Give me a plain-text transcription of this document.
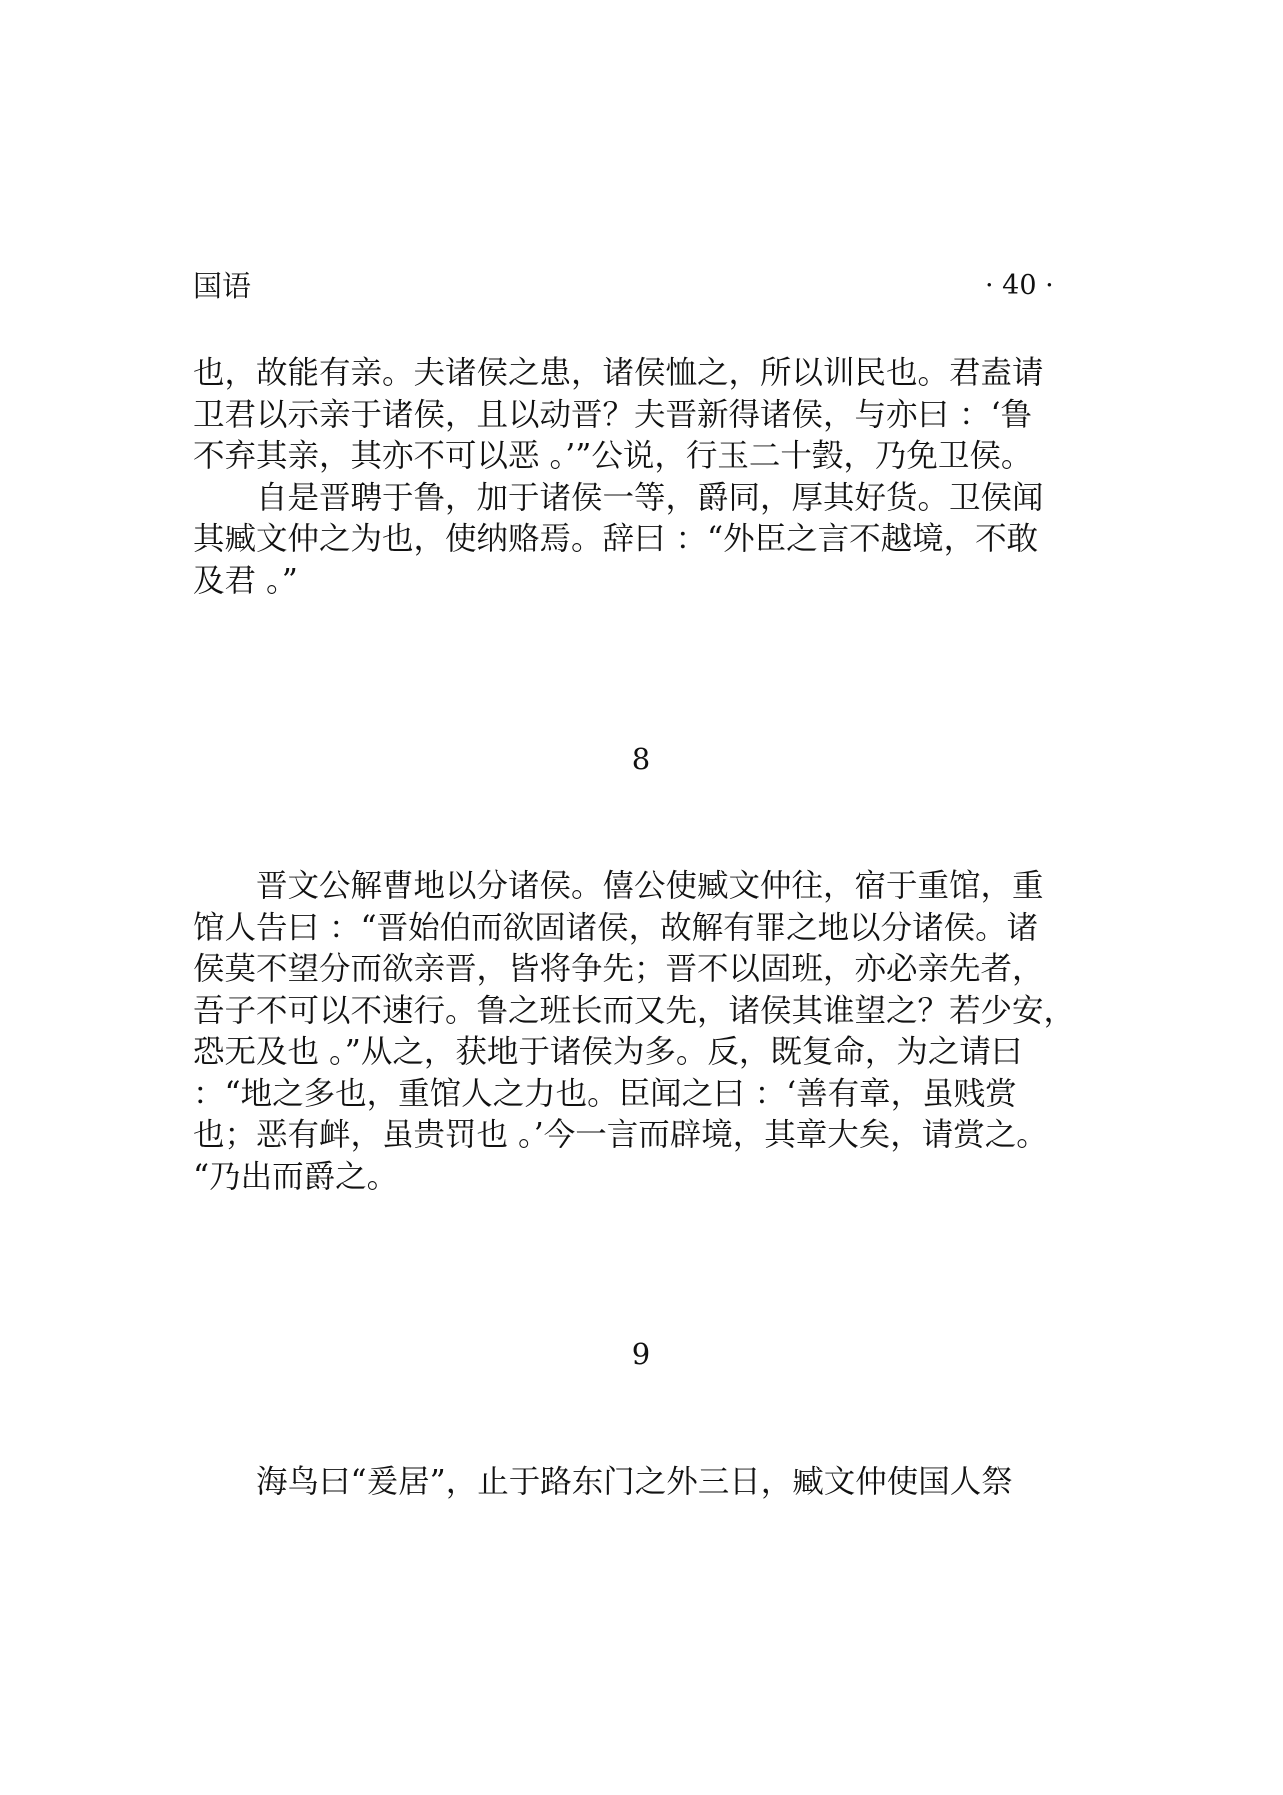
国语	· 40 ·
也，故能有亲。夫诸侯之患，诸侯恤之，所以训民也。君盍请
卫君以示亲于诸侯，且以动晋？夫晋新得诸侯，与亦曰 ：‘鲁
不弃其亲，其亦不可以恶 。’”公说，行玉二十瑴，乃免卫侯。
　　自是晋聘于鲁，加于诸侯一等，爵同，厚其好货。卫侯闻
其臧文仲之为也，使纳赂焉。辞曰 ：“外臣之言不越境，不敢
及君 。”
8
　　晋文公解曹地以分诸侯。僖公使臧文仲往，宿于重馆，重
馆人告曰 ：“晋始伯而欲固诸侯，故解有罪之地以分诸侯。诸
侯莫不望分而欲亲晋，皆将争先；晋不以固班，亦必亲先者，
吾子不可以不速行。鲁之班长而又先，诸侯其谁望之？若少安，
恐无及也 。”从之，获地于诸侯为多。反，既复命，为之请曰
：“地之多也，重馆人之力也。臣闻之曰 ：‘善有章，虽贱赏
也；恶有衅，虽贵罚也 。’今一言而辟境，其章大矣，请赏之。
“乃出而爵之。
9
　　海鸟曰“爰居”，止于路东门之外三日，臧文仲使国人祭
